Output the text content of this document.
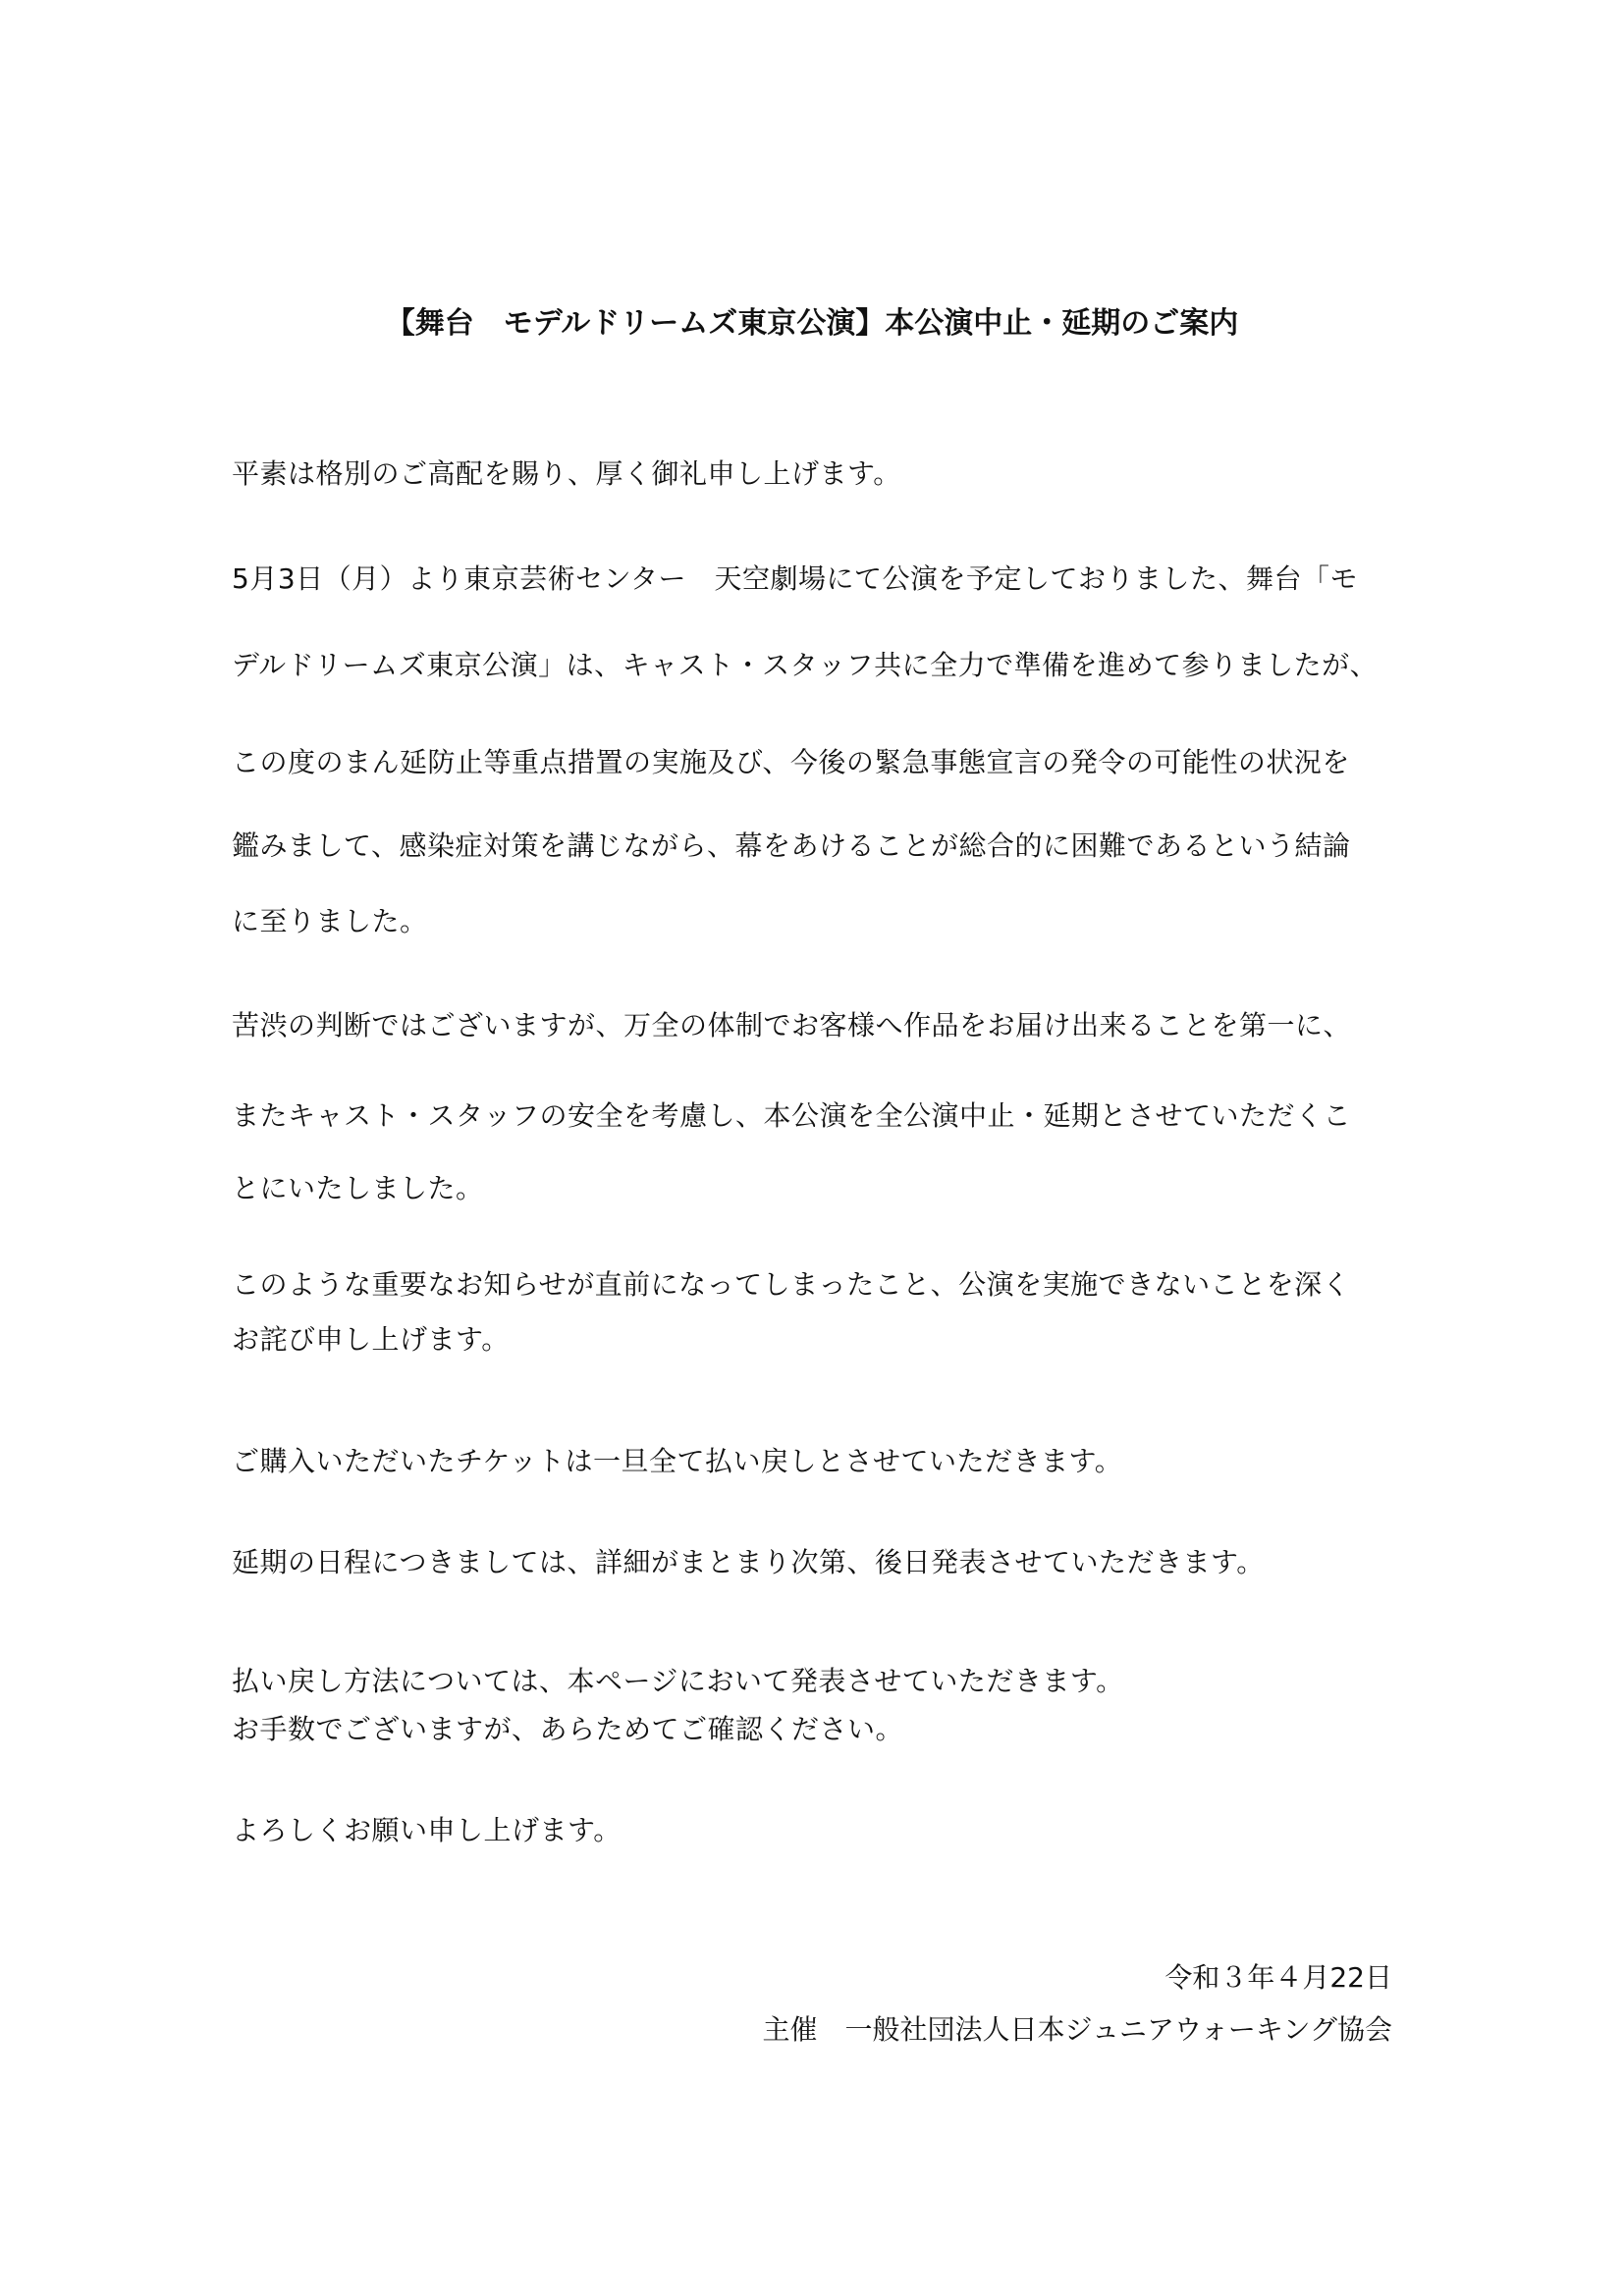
【舞台　モデルドリームズ東京公演】本公演中止・延期のご案内
平素は格別のご高配を賜り、厚く御礼申し上げます。
5月3日（月）より東京芸術センター　天空劇場にて公演を予定しておりました、舞台「モ
デルドリームズ東京公演」は、キャスト・スタッフ共に全力で準備を進めて参りましたが、
この度のまん延防止等重点措置の実施及び、今後の緊急事態宣言の発令の可能性の状況を
鑑みまして、感染症対策を講じながら、幕をあけることが総合的に困難であるという結論
に至りました。
苦渋の判断ではございますが、万全の体制でお客様へ作品をお届け出来ることを第一に、
またキャスト・スタッフの安全を考慮し、本公演を全公演中止・延期とさせていただくこ
とにいたしました。
このような重要なお知らせが直前になってしまったこと、公演を実施できないことを深く
お詫び申し上げます。
ご購入いただいたチケットは一旦全て払い戻しとさせていただきます。
延期の日程につきましては、詳細がまとまり次第、後日発表させていただきます。
払い戻し方法については、本ページにおいて発表させていただきます。
お手数でございますが、あらためてご確認ください。
よろしくお願い申し上げます。
令和３年４月22日
主催　一般社団法人日本ジュニアウォーキング協会
